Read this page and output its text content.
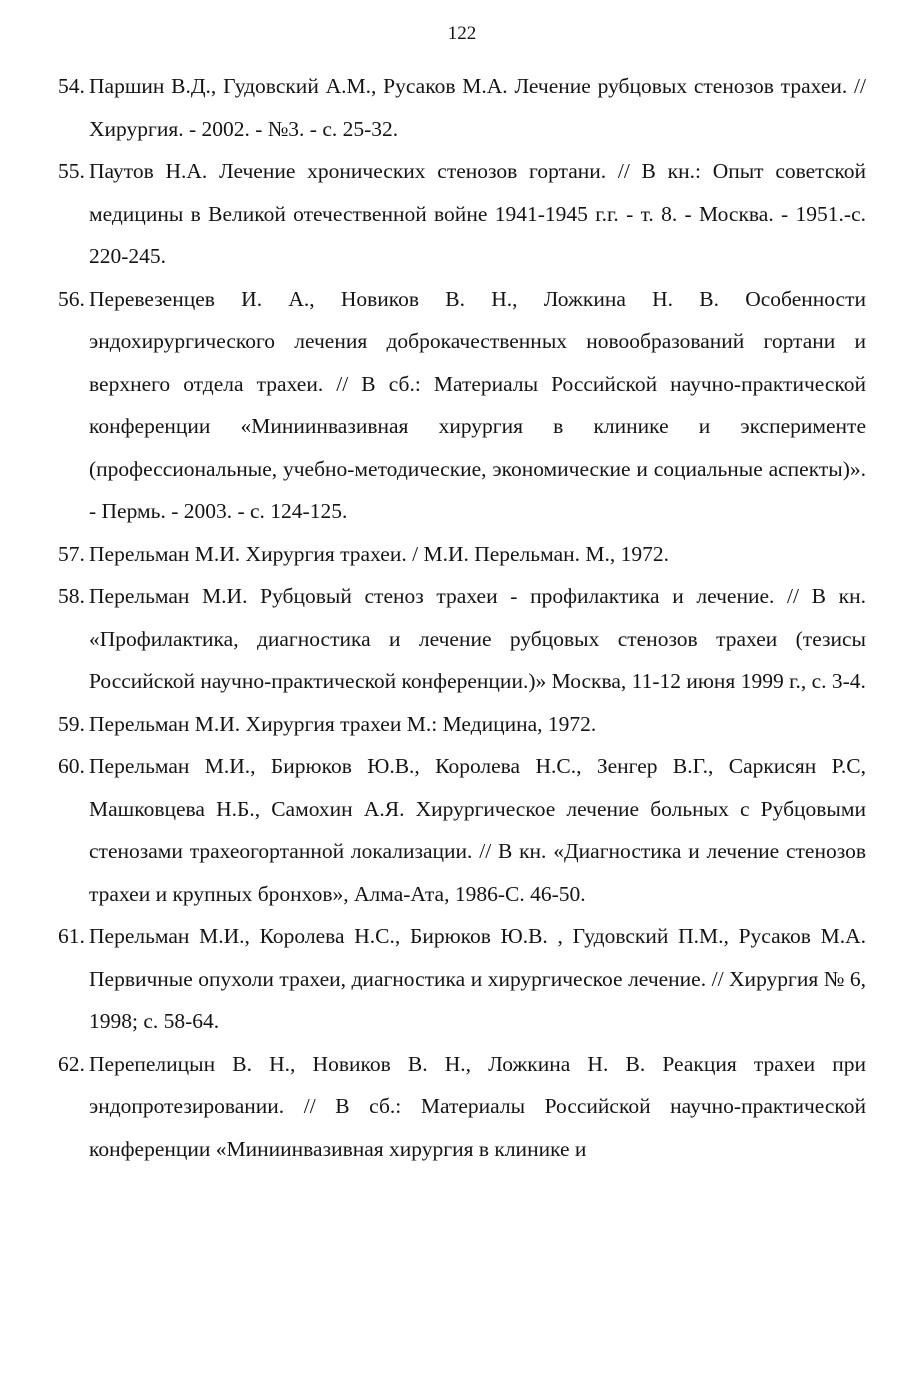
122
54. Паршин В.Д., Гудовский А.М., Русаков М.А. Лечение рубцовых стенозов трахеи. // Хирургия. - 2002. - №3. - с. 25-32.
55. Паутов Н.А. Лечение хронических стенозов гортани. // В кн.: Опыт советской медицины в Великой отечественной войне 1941-1945 г.г. - т. 8. - Москва. - 1951.-с. 220-245.
56. Перевезенцев И. А., Новиков В. Н., Ложкина Н. В. Особенности эндохирургического лечения доброкачественных новообразований гортани и верхнего отдела трахеи. // В сб.: Материалы Российской научно-практической конференции «Миниинвазивная хирургия в клинике и эксперименте (профессиональные, учебно-методические, экономические и социальные аспекты)». - Пермь. - 2003. - с. 124-125.
57. Перельман М.И. Хирургия трахеи. / М.И. Перельман. М., 1972.
58. Перельман М.И. Рубцовый стеноз трахеи - профилактика и лечение. // В кн. «Профилактика, диагностика и лечение рубцовых стенозов трахеи (тезисы Российской научно-практической конференции.)» Москва, 11-12 июня 1999 г., с. 3-4.
59. Перельман М.И. Хирургия трахеи М.: Медицина, 1972.
60. Перельман М.И., Бирюков Ю.В., Королева Н.С., Зенгер В.Г., Саркисян Р.С, Машковцева Н.Б., Самохин А.Я. Хирургическое лечение больных с Рубцовыми стенозами трахеогортанной локализации. // В кн. «Диагностика и лечение стенозов трахеи и крупных бронхов», Алма-Ата, 1986-С. 46-50.
61. Перельман М.И., Королева Н.С., Бирюков Ю.В. , Гудовский П.М., Русаков М.А. Первичные опухоли трахеи, диагностика и хирургическое лечение. // Хирургия № 6, 1998; с. 58-64.
62. Перепелицын В. Н., Новиков В. Н., Ложкина Н. В. Реакция трахеи при эндопротезировании. // В сб.: Материалы Российской научно-практической конференции «Миниинвазивная хирургия в клинике и
